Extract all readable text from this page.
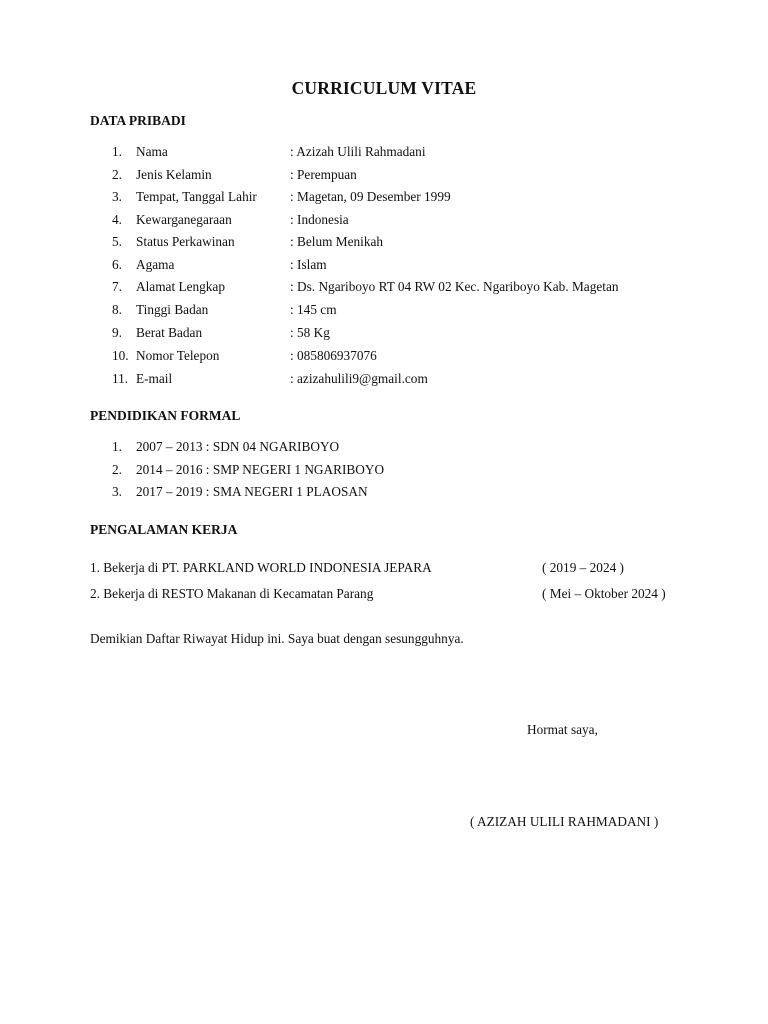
CURRICULUM VITAE
DATA PRIBADI
1. Nama	: Azizah Ulili Rahmadani
2. Jenis Kelamin	: Perempuan
3. Tempat, Tanggal Lahir : Magetan, 09 Desember 1999
4. Kewarganegaraan	: Indonesia
5. Status Perkawinan	: Belum Menikah
6. Agama	: Islam
7. Alamat Lengkap	: Ds. Ngariboyo RT 04 RW 02 Kec. Ngariboyo Kab. Magetan
8. Tinggi Badan	: 145 cm
9. Berat Badan	: 58 Kg
10. Nomor Telepon	: 085806937076
11. E-mail	: azizahulili9@gmail.com
PENDIDIKAN FORMAL
1. 2007 – 2013 : SDN 04 NGARIBOYO
2. 2014 – 2016 : SMP NEGERI 1 NGARIBOYO
3. 2017 – 2019 : SMA NEGERI 1 PLAOSAN
PENGALAMAN KERJA
1. Bekerja di PT. PARKLAND WORLD INDONESIA JEPARA	( 2019 – 2024 )
2. Bekerja di RESTO Makanan di Kecamatan Parang	( Mei – Oktober 2024 )
Demikian Daftar Riwayat Hidup ini. Saya buat dengan sesungguhnya.
Hormat saya,
( AZIZAH ULILI RAHMADANI )
